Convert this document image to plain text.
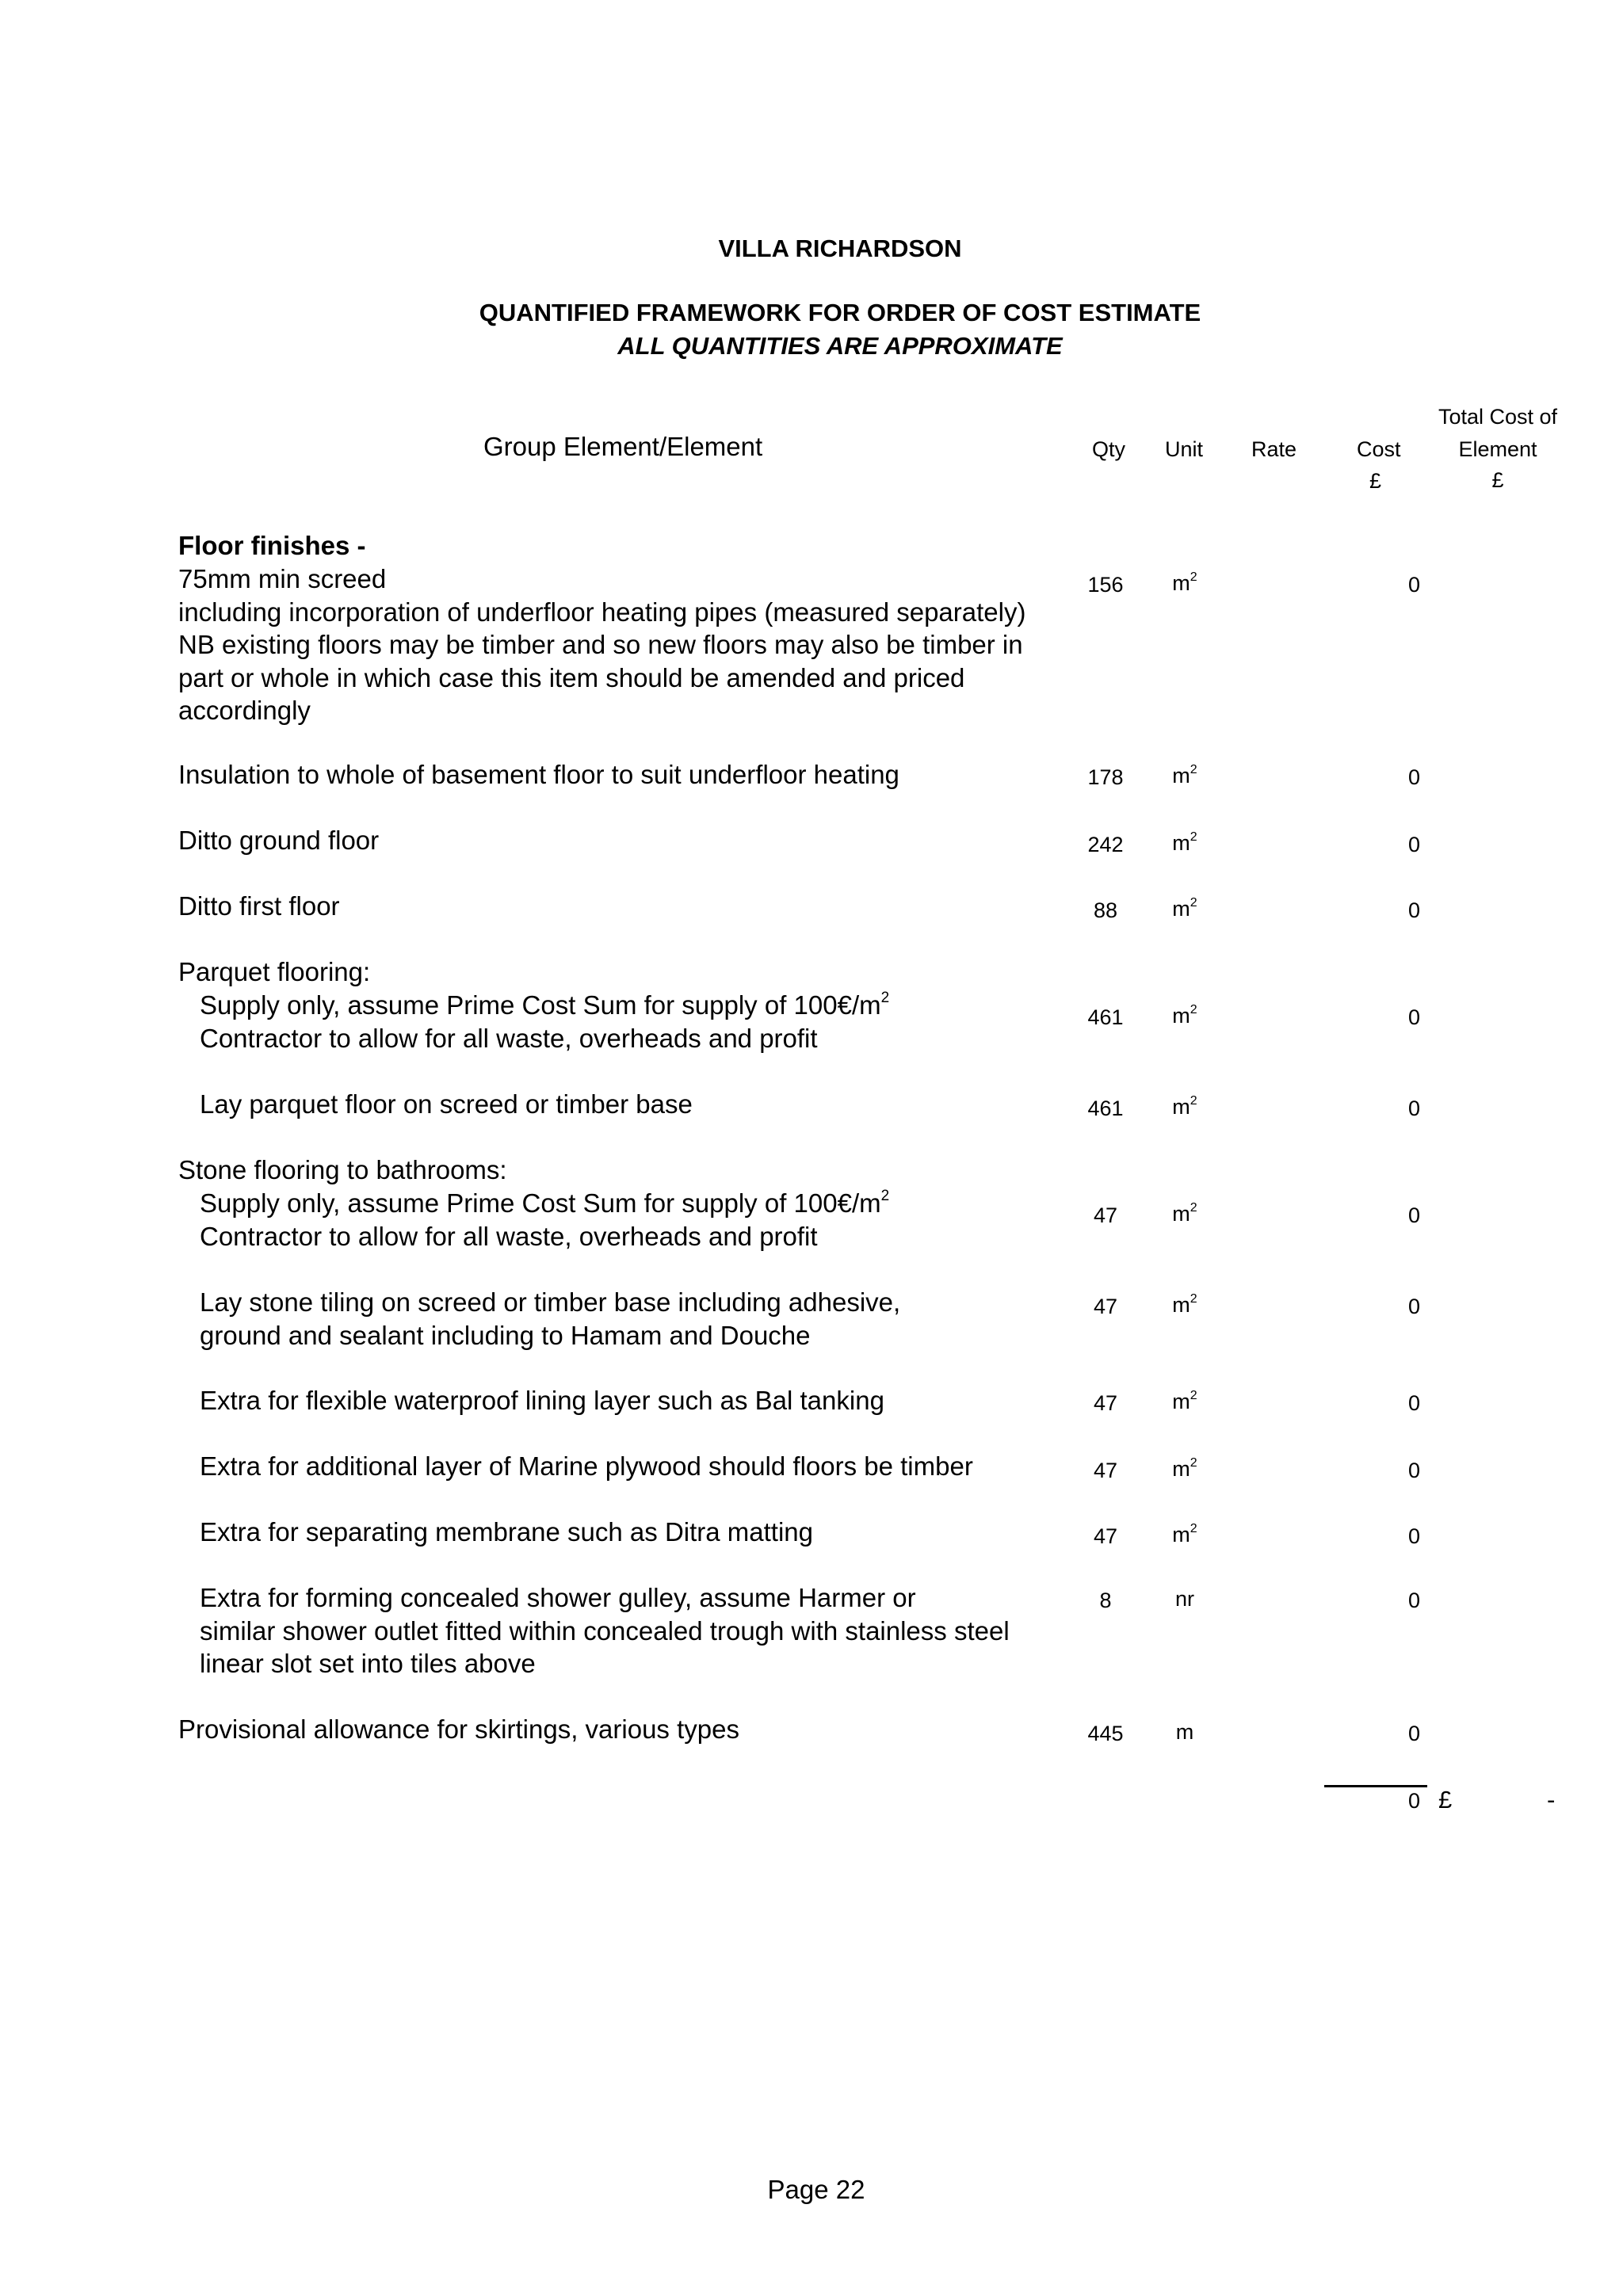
VILLA RICHARDSON
QUANTIFIED FRAMEWORK FOR ORDER OF COST ESTIMATE
ALL QUANTITIES ARE APPROXIMATE
Group Element/Element	Qty Unit Rate	Cost
£
Total Cost of
Element
£
Floor finishes -
75mm min screed
including incorporation of underfloor heating pipes (measured separately)
NB existing floors may be timber and so new floors may also be timber in
part or whole in which case this item should be amended and priced
accordingly
156	$m^2$	0
Insulation to whole of basement floor to suit underfloor heating	178	$m^2$	0
Ditto ground floor	242	$m^2$	0
Ditto first floor	88	$m^2$	0
Parquet flooring:
Supply only, assume Prime Cost Sum for supply of $100€/m^2$
Contractor to allow for all waste, overheads and profit
461	$m^2$	0
Lay parquet floor on screed or timber base	461	$m^2$	0
Stone flooring to bathrooms:
Supply only, assume Prime Cost Sum for supply of $100€/m^2$
Contractor to allow for all waste, overheads and profit
47	$m^2$	0
Lay stone tiling on screed or timber base including adhesive,
ground and sealant including to Hamam and Douche
47	$m^2$	0
Extra for flexible waterproof lining layer such as Bal tanking	47	$m^2$	0
Extra for additional layer of Marine plywood should floors be timber	47	$m^2$	0
Extra for separating membrane such as Ditra matting	47	$m^2$	0
Extra for forming concealed shower gulley, assume Harmer or
similar shower outlet fitted within concealed trough with stainless steel
linear slot set into tiles above
8	nr	0
Provisional allowance for skirtings, various types	445	m	0
0 £	-
Page 22
